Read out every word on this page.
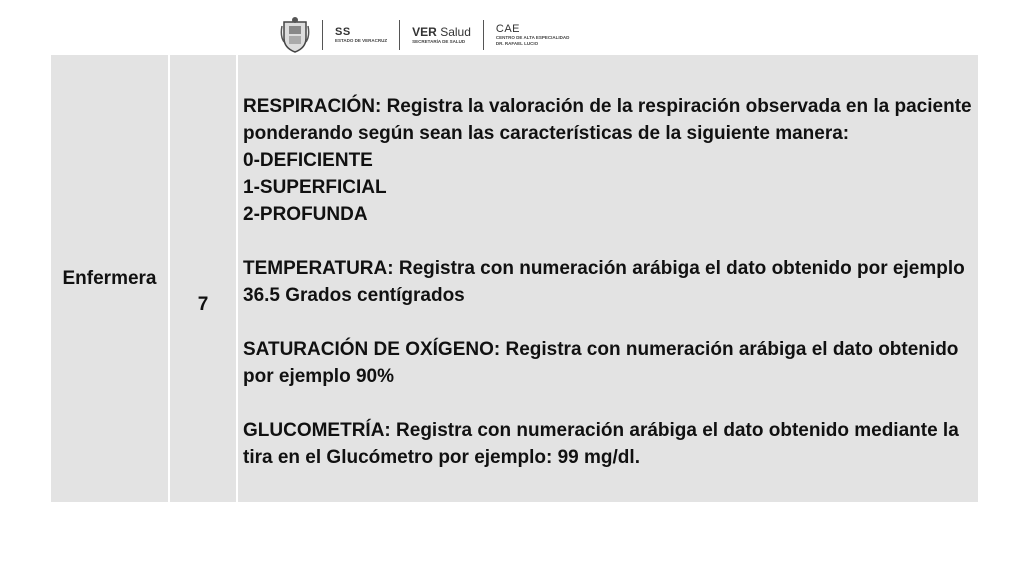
SS
ESTADO DE VERACRUZ
VER Salud
SECRETARÍA DE SALUD
CAE
CENTRO DE ALTA ESPECIALIDAD
DR. RAFAEL LUCIO
Enfermera
7

RESPIRACIÓN: Registra la valoración de la respiración observada en la paciente ponderando según sean las características de la siguiente manera:

0-DEFICIENTE

1-SUPERFICIAL

2-PROFUNDA

TEMPERATURA: Registra con numeración arábiga el dato obtenido por ejemplo 36.5 Grados centígrados

SATURACIÓN DE OXÍGENO: Registra con numeración arábiga el dato obtenido por ejemplo 90%

GLUCOMETRÍA: Registra con numeración arábiga el dato obtenido mediante la tira en el Glucómetro por ejemplo: 99 mg/dl.
